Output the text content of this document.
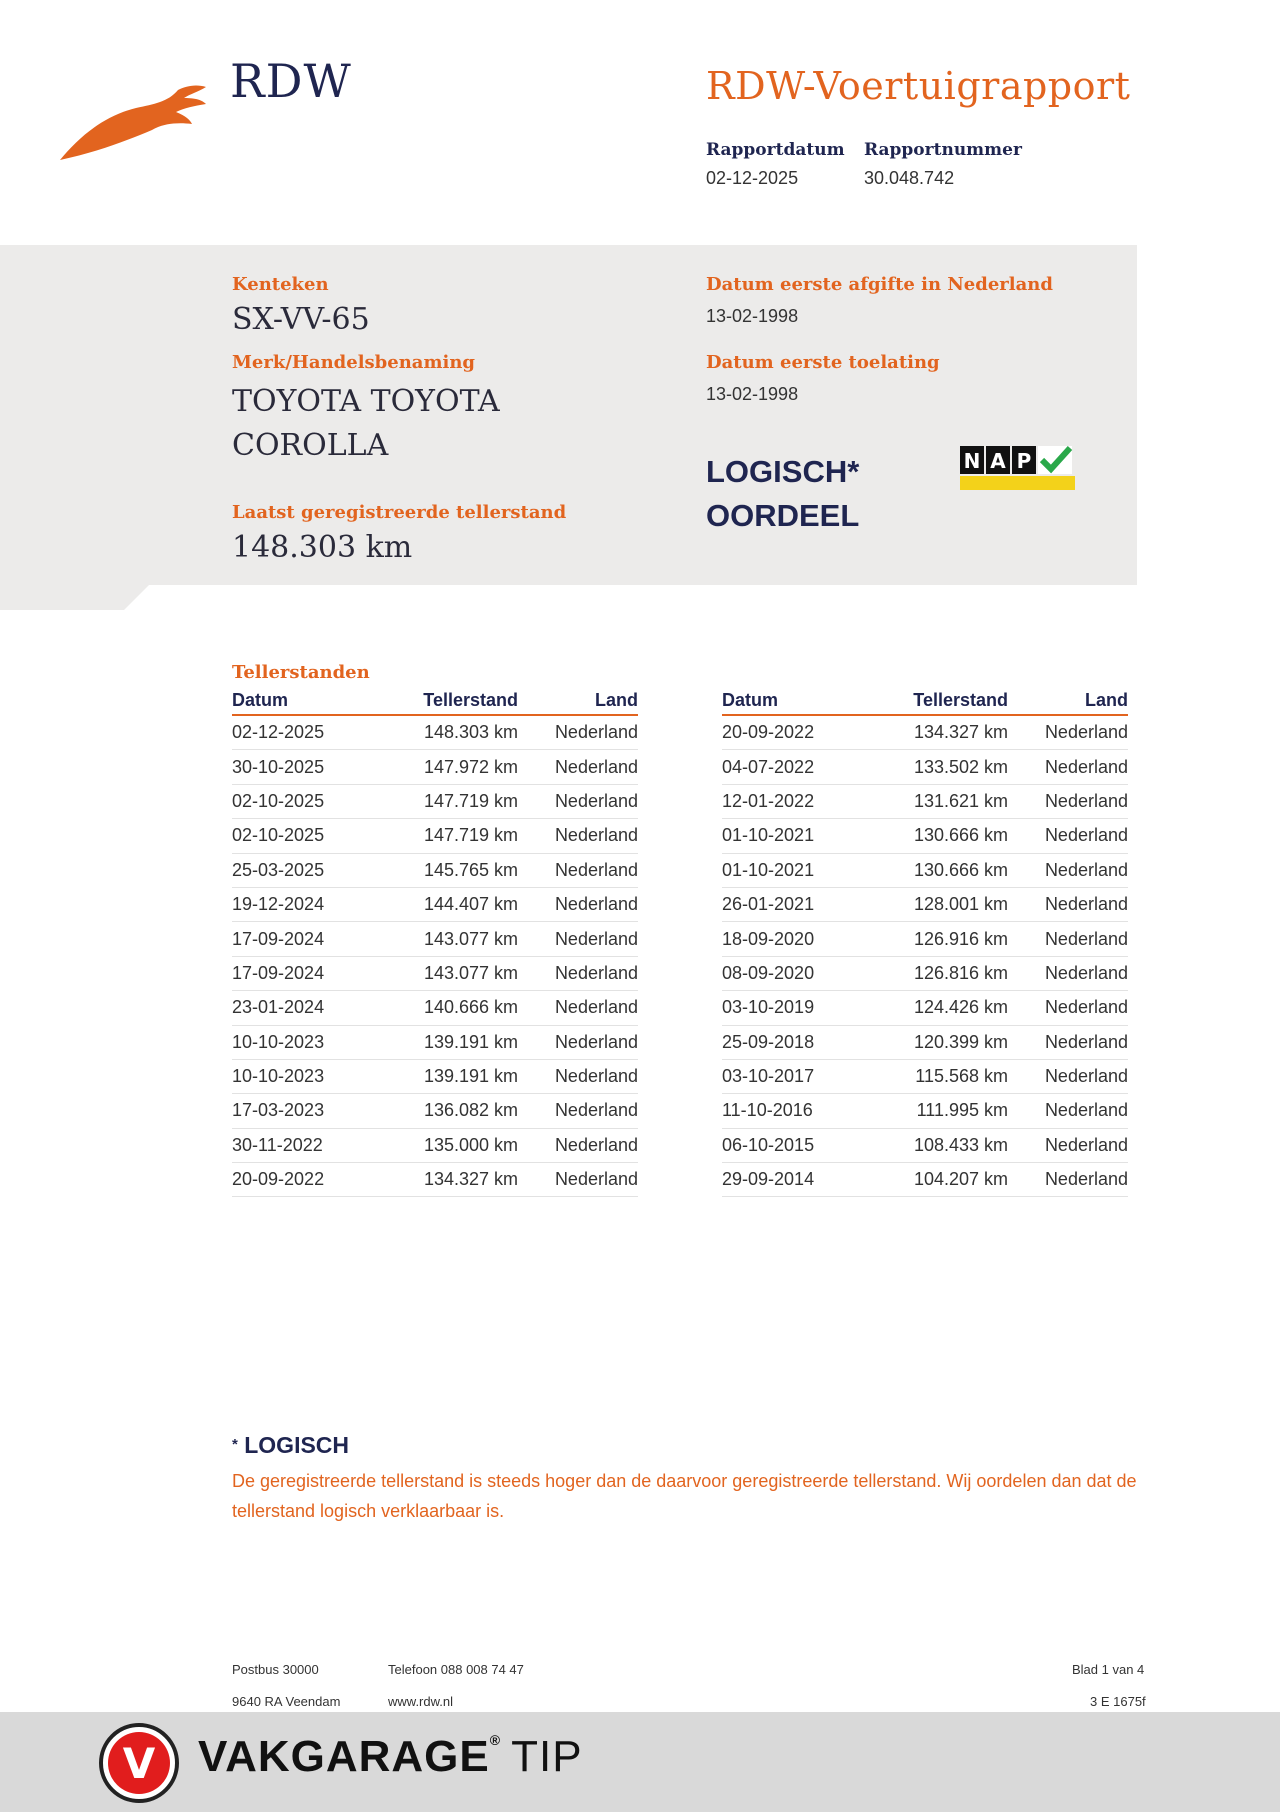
RDW	RDW-Voertuigrapport
Rapportdatum
02-12-2025
Rapportnummer
30.048.742
Kenteken
SX-VV-65
Merk/Handelsbenaming
TOYOTA TOYOTA
COROLLA
Laatst geregistreerde tellerstand
148.303 km
Datum eerste afgifte in Nederland
13-02-1998
Datum eerste toelating
13-02-1998
LOGISCH*
OORDEEL
N A P
Tellerstanden
Datum	Tellerstand	Land
02-12-2025	148.303 km	Nederland
30-10-2025	147.972 km	Nederland
02-10-2025	147.719 km	Nederland
02-10-2025	147.719 km	Nederland
25-03-2025	145.765 km	Nederland
19-12-2024	144.407 km	Nederland
17-09-2024	143.077 km	Nederland
17-09-2024	143.077 km	Nederland
23-01-2024	140.666 km	Nederland
10-10-2023	139.191 km	Nederland
10-10-2023	139.191 km	Nederland
17-03-2023	136.082 km	Nederland
30-11-2022	135.000 km	Nederland
20-09-2022	134.327 km	Nederland
Datum	Tellerstand	Land
20-09-2022	134.327 km	Nederland
04-07-2022	133.502 km	Nederland
12-01-2022	131.621 km	Nederland
01-10-2021	130.666 km	Nederland
01-10-2021	130.666 km	Nederland
26-01-2021	128.001 km	Nederland
18-09-2020	126.916 km	Nederland
08-09-2020	126.816 km	Nederland
03-10-2019	124.426 km	Nederland
25-09-2018	120.399 km	Nederland
03-10-2017	115.568 km	Nederland
11-10-2016	111.995 km	Nederland
06-10-2015	108.433 km	Nederland
29-09-2014	104.207 km	Nederland
* LOGISCH
De geregistreerde tellerstand is steeds hoger dan de daarvoor geregistreerde tellerstand. Wij oordelen dan dat de tellerstand logisch verklaarbaar is.
Postbus 30000
9640 RA Veendam
Telefoon 088 008 74 47
www.rdw.nl
Blad 1 van 4
3 E 1675f
V VAKGARAGE® TIP
